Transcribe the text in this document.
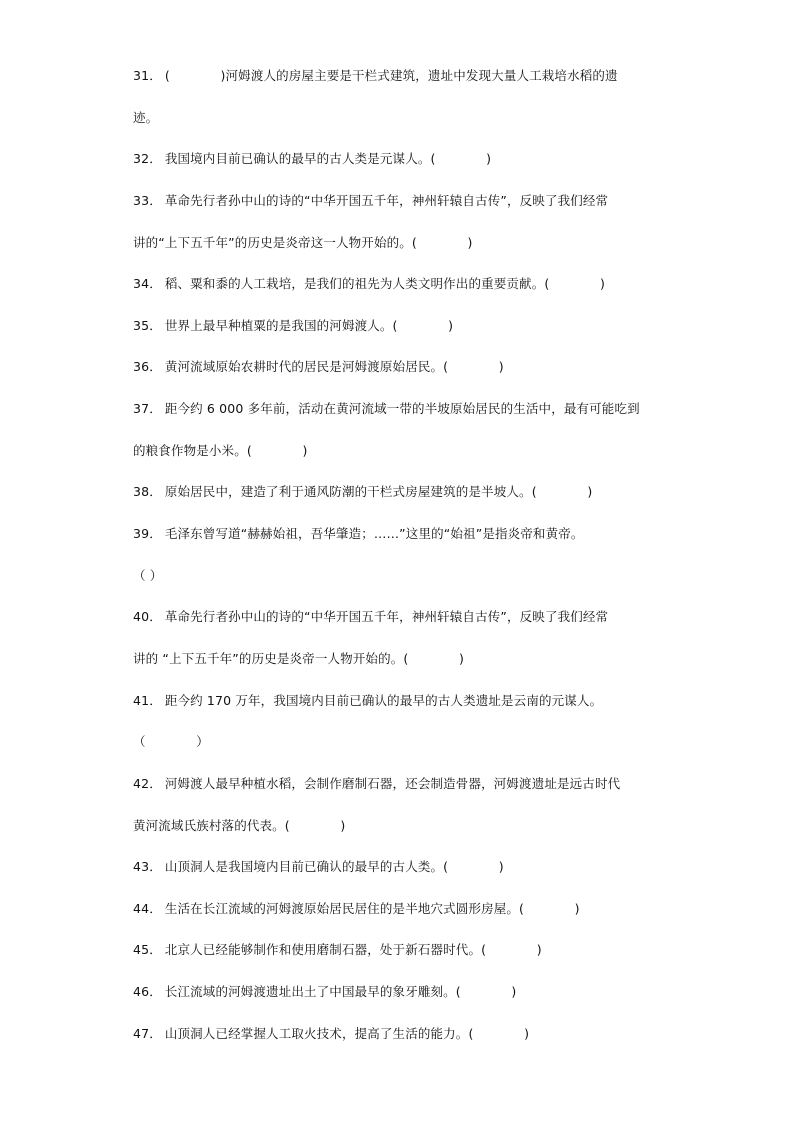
31． (　　　　)河姆渡人的房屋主要是干栏式建筑，遗址中发现大量人工栽培水稻的遗
迹。
32． 我国境内目前已确认的最早的古人类是元谋人。(　　　　)
33． 革命先行者孙中山的诗的“中华开国五千年，神州轩辕自古传”，反映了我们经常
讲的“上下五千年”的历史是炎帝这一人物开始的。(　　　　)
34． 稻、粟和黍的人工栽培，是我们的祖先为人类文明作出的重要贡献。(　　　　)
35． 世界上最早种植粟的是我国的河姆渡人。(　　　　)
36． 黄河流域原始农耕时代的居民是河姆渡原始居民。(　　　　)
37． 距今约 6 000 多年前，活动在黄河流域一带的半坡原始居民的生活中，最有可能吃到
的粮食作物是小米。(　　　　)
38． 原始居民中，建造了利于通风防潮的干栏式房屋建筑的是半坡人。(　　　　)
39． 毛泽东曾写道“赫赫始祖，吾华肇造；……”这里的“始祖”是指炎帝和黄帝。
（ ）
40． 革命先行者孙中山的诗的“中华开国五千年，神州轩辕自古传”，反映了我们经常
讲的 “上下五千年”的历史是炎帝一人物开始的。(　　　　)
41． 距今约 170 万年，我国境内目前已确认的最早的古人类遗址是云南的元谋人。
（　　　　）
42． 河姆渡人最早种植水稻，会制作磨制石器，还会制造骨器，河姆渡遗址是远古时代
黄河流域氏族村落的代表。(　　　　)
43． 山顶洞人是我国境内目前已确认的最早的古人类。(　　　　)
44． 生活在长江流域的河姆渡原始居民居住的是半地穴式圆形房屋。(　　　　)
45． 北京人已经能够制作和使用磨制石器，处于新石器时代。(　　　　)
46． 长江流域的河姆渡遗址出土了中国最早的象牙雕刻。(　　　　)
47． 山顶洞人已经掌握人工取火技术，提高了生活的能力。(　　　　)
